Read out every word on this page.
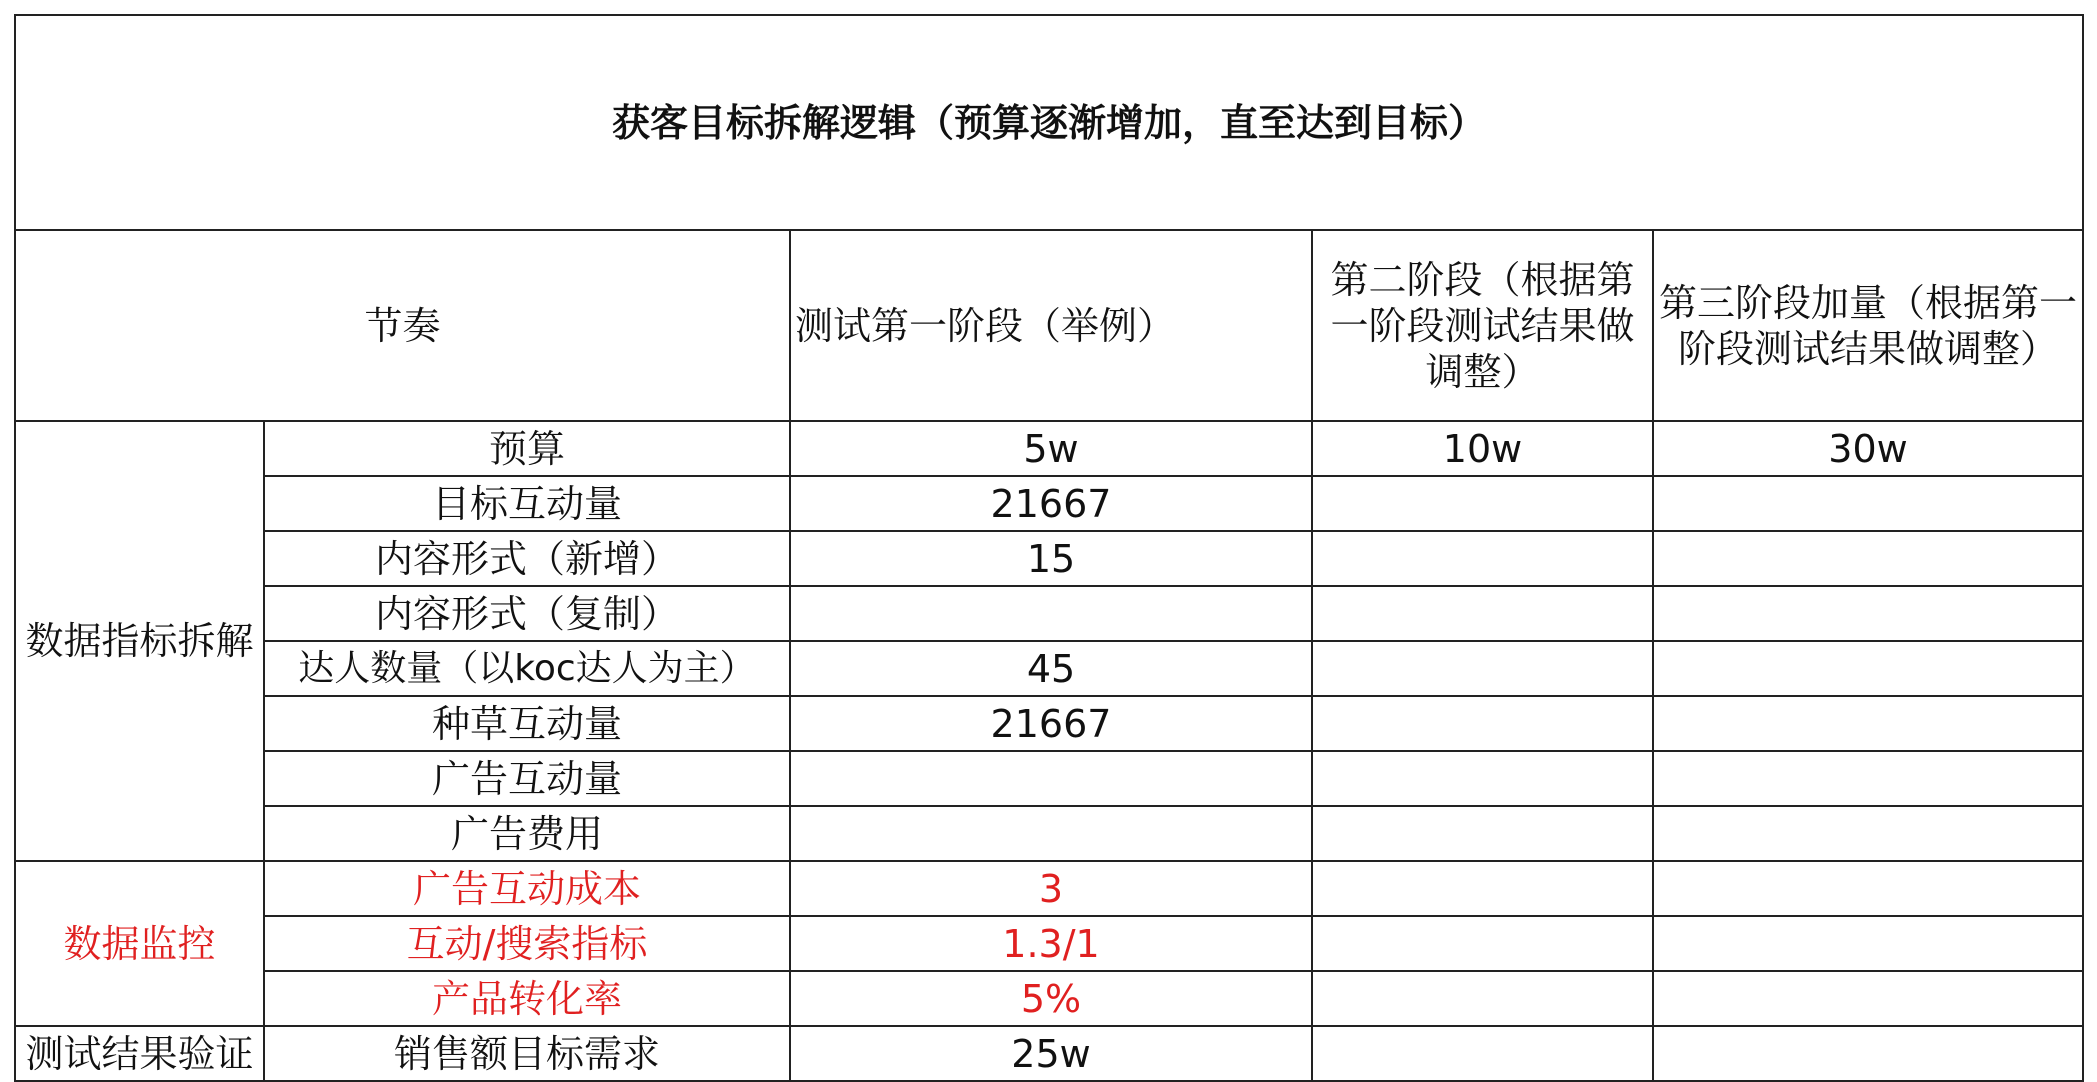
获客目标拆解逻辑（预算逐渐增加，直至达到目标）				
节奏		测试第一阶段（举例）	第二阶段（根据第一阶段测试结果做调整）	第三阶段加量（根据第一阶段测试结果做调整）
数据指标拆解	预算	5w	10w	30w
	目标互动量	21667		
	内容形式（新增）	15		
	内容形式（复制）			
	达人数量（以koc达人为主）	45		
	种草互动量	21667		
	广告互动量			
	广告费用			
数据监控	广告互动成本	3		
	互动/搜索指标	1.3/1		
	产品转化率	5%		
测试结果验证	销售额目标需求	25w		
